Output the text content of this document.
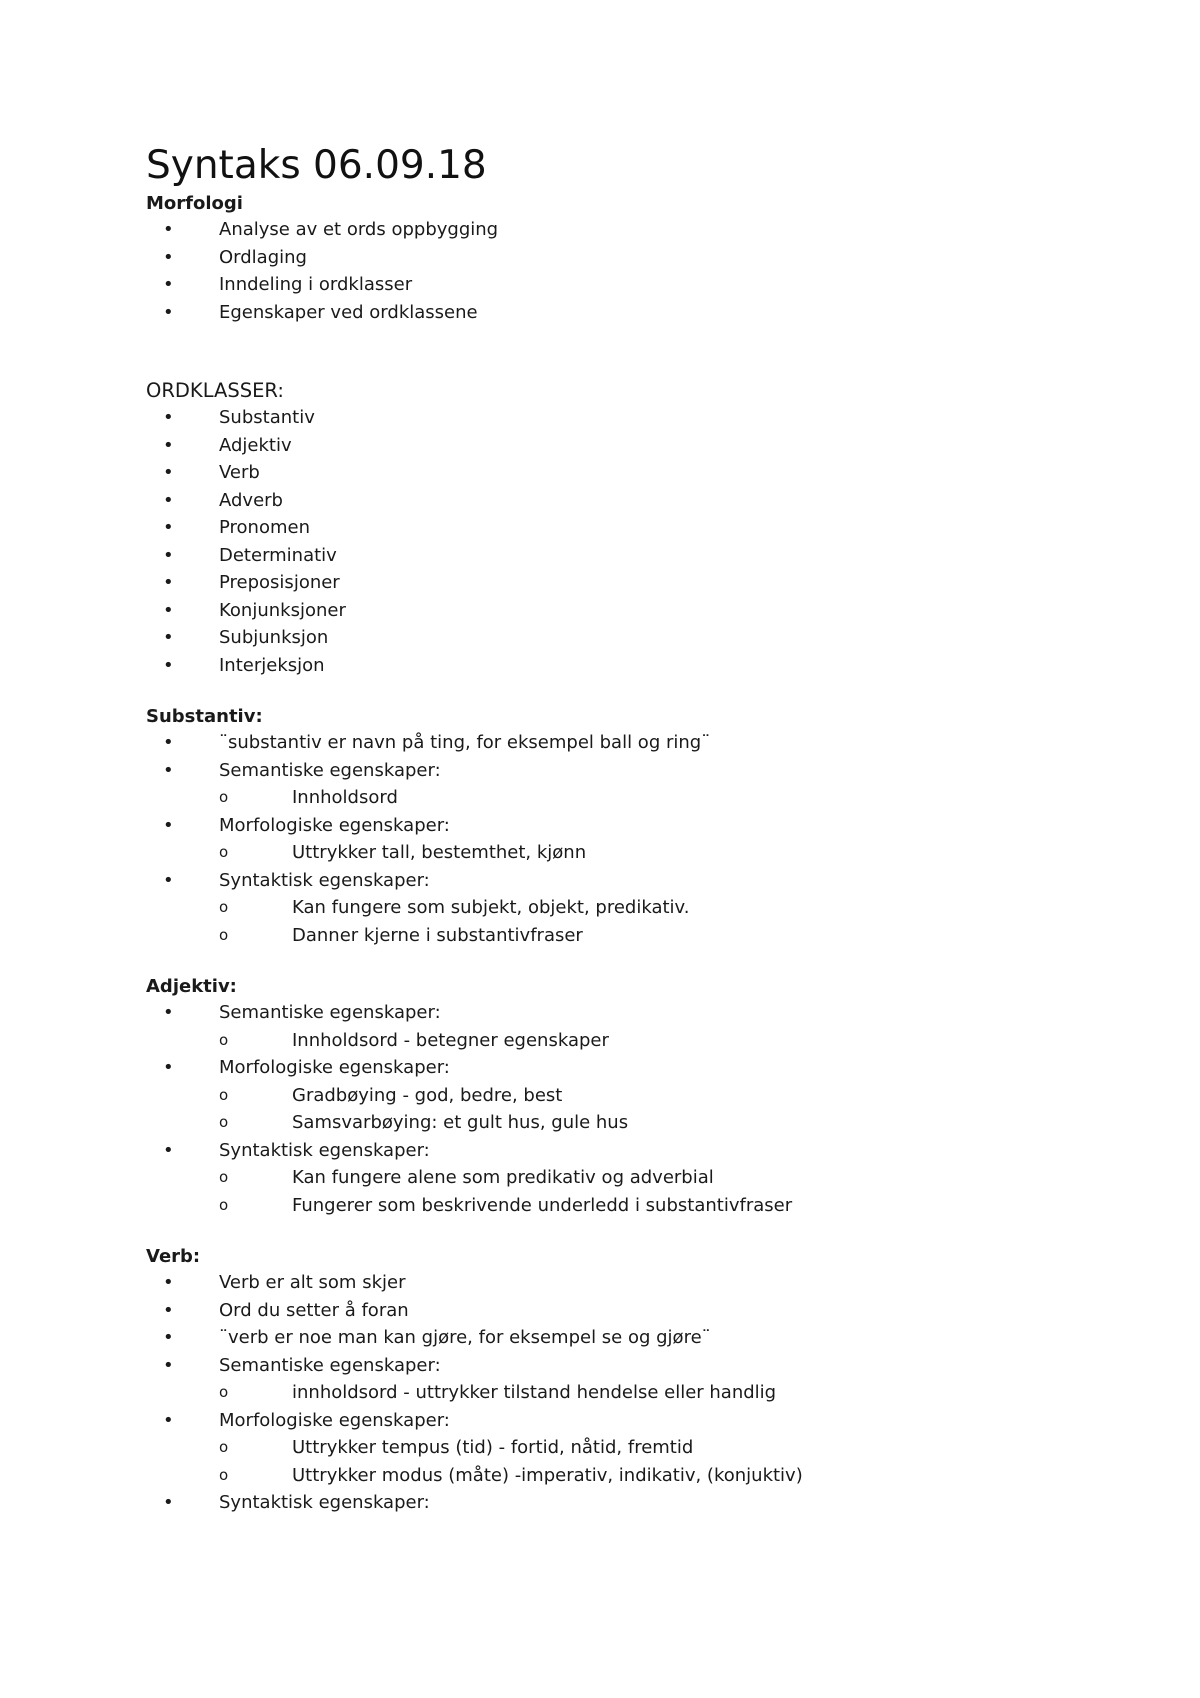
Syntaks 06.09.18
Morfologi
•	Analyse av et ords oppbygging
•	Ordlaging
•	Inndeling i ordklasser
•	Egenskaper ved ordklassene
ORDKLASSER:
•	Substantiv
•	Adjektiv
•	Verb
•	Adverb
•	Pronomen
•	Determinativ
•	Preposisjoner
•	Konjunksjoner
•	Subjunksjon
•	Interjeksjon
Substantiv:
•	¨substantiv er navn på ting, for eksempel ball og ring¨
•	Semantiske egenskaper:
o	Innholdsord
•	Morfologiske egenskaper:
o	Uttrykker tall, bestemthet, kjønn
•	Syntaktisk egenskaper:
o	Kan fungere som subjekt, objekt, predikativ.
o	Danner kjerne i substantivfraser
Adjektiv:
•	Semantiske egenskaper:
o	Innholdsord - betegner egenskaper
•	Morfologiske egenskaper:
o	Gradbøying - god, bedre, best
o	Samsvarbøying: et gult hus, gule hus
•	Syntaktisk egenskaper:
o	Kan fungere alene som predikativ og adverbial
o	Fungerer som beskrivende underledd i substantivfraser
Verb:
•	Verb er alt som skjer
•	Ord du setter å foran
•	¨verb er noe man kan gjøre, for eksempel se og gjøre¨
•	Semantiske egenskaper:
o	innholdsord - uttrykker tilstand hendelse eller handlig
•	Morfologiske egenskaper:
o	Uttrykker tempus (tid) - fortid, nåtid, fremtid
o	Uttrykker modus (måte) -imperativ, indikativ, (konjuktiv)
•	Syntaktisk egenskaper:
